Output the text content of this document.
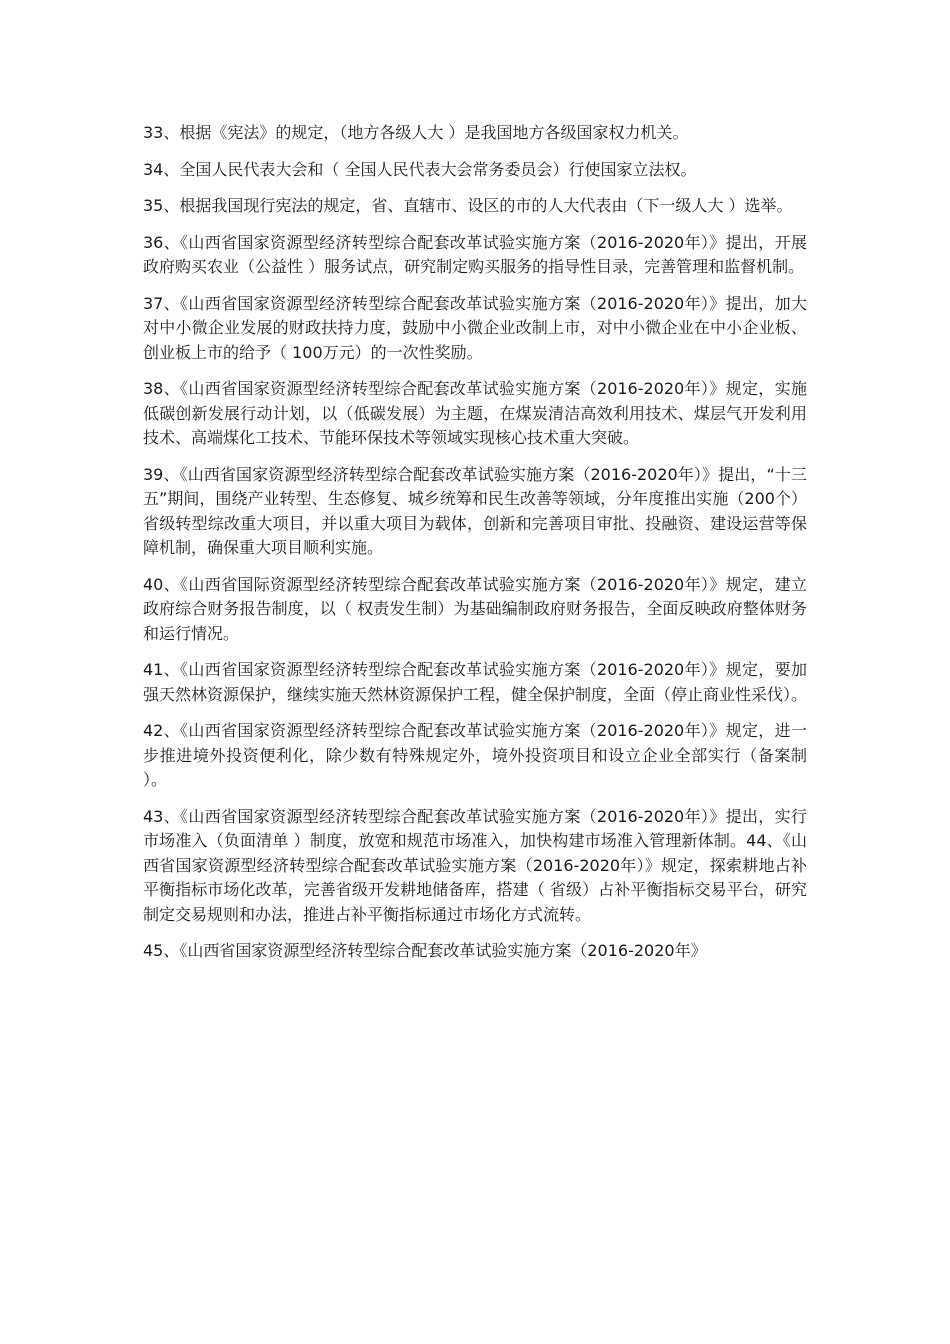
33、根据《宪法》的规定，（地方各级人大 ）是我国地方各级国家权力机关。

34、全国人民代表大会和（ 全国人民代表大会常务委员会）行使国家立法权。

35、根据我国现行宪法的规定，省、直辖市、设区的市的人大代表由（下一级人大 ）选举。

36、《山西省国家资源型经济转型综合配套改革试验实施方案（2016-2020年）》提出，开展政府购买农业（公益性 ）服务试点，研究制定购买服务的指导性目录，完善管理和监督机制。

37、《山西省国家资源型经济转型综合配套改革试验实施方案（2016-2020年）》提出，加大对中小微企业发展的财政扶持力度，鼓励中小微企业改制上市，对中小微企业在中小企业板、创业板上市的给予（ 100万元）的一次性奖励。

38、《山西省国家资源型经济转型综合配套改革试验实施方案（2016-2020年）》规定，实施低碳创新发展行动计划，以（低碳发展）为主题，在煤炭清洁高效利用技术、煤层气开发利用技术、高端煤化工技术、节能环保技术等领域实现核心技术重大突破。

39、《山西省国家资源型经济转型综合配套改革试验实施方案（2016-2020年）》提出，“十三五”期间，围绕产业转型、生态修复、城乡统筹和民生改善等领域，分年度推出实施（200个）省级转型综改重大项目，并以重大项目为载体，创新和完善项目审批、投融资、建设运营等保障机制，确保重大项目顺利实施。

40、《山西省国际资源型经济转型综合配套改革试验实施方案（2016-2020年）》规定，建立政府综合财务报告制度，以（ 权责发生制）为基础编制政府财务报告，全面反映政府整体财务和运行情况。

41、《山西省国家资源型经济转型综合配套改革试验实施方案（2016-2020年）》规定，要加强天然林资源保护，继续实施天然林资源保护工程，健全保护制度，全面（停止商业性采伐）。

42、《山西省国家资源型经济转型综合配套改革试验实施方案（2016-2020年）》规定，进一步推进境外投资便利化，除少数有特殊规定外，境外投资项目和设立企业全部实行（备案制 ）。

43、《山西省国家资源型经济转型综合配套改革试验实施方案（2016-2020年）》提出，实行市场准入（负面清单 ）制度，放宽和规范市场准入，加快构建市场准入管理新体制。44、《山西省国家资源型经济转型综合配套改革试验实施方案（2016-2020年）》规定，探索耕地占补平衡指标市场化改革，完善省级开发耕地储备库，搭建（ 省级）占补平衡指标交易平台，研究制定交易规则和办法，推进占补平衡指标通过市场化方式流转。

45、《山西省国家资源型经济转型综合配套改革试验实施方案（2016-2020年》
